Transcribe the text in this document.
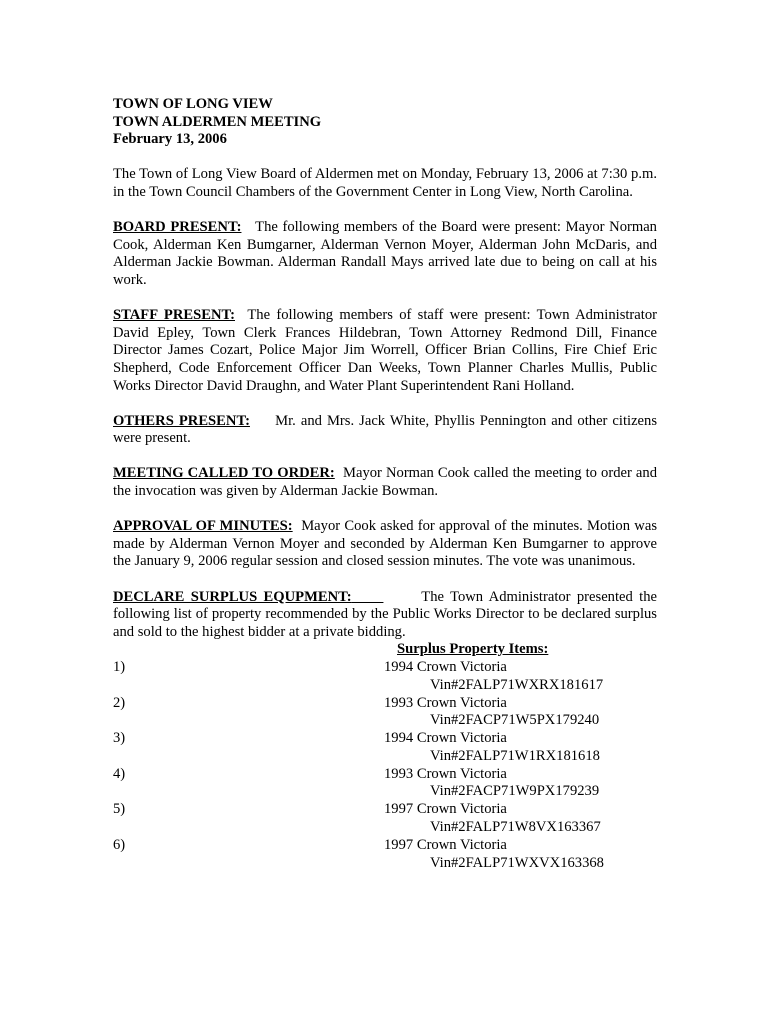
TOWN OF LONG VIEW

TOWN ALDERMEN MEETING

February 13, 2006

The Town of Long View Board of Aldermen met on Monday, February 13, 2006 at 7:30 p.m. in the Town Council Chambers of the Government Center in Long View, North Carolina.

BOARD PRESENT: The following members of the Board were present: Mayor Norman Cook, Alderman Ken Bumgarner, Alderman Vernon Moyer, Alderman John McDaris, and Alderman Jackie Bowman. Alderman Randall Mays arrived late due to being on call at his work.

STAFF PRESENT: The following members of staff were present: Town Administrator David Epley, Town Clerk Frances Hildebran, Town Attorney Redmond Dill, Finance Director James Cozart, Police Major Jim Worrell, Officer Brian Collins, Fire Chief Eric Shepherd, Code Enforcement Officer Dan Weeks, Town Planner Charles Mullis, Public Works Director David Draughn, and Water Plant Superintendent Rani Holland.

OTHERS PRESENT: Mr. and Mrs. Jack White, Phyllis Pennington and other citizens were present.

MEETING CALLED TO ORDER: Mayor Norman Cook called the meeting to order and the invocation was given by Alderman Jackie Bowman.

APPROVAL OF MINUTES: Mayor Cook asked for approval of the minutes. Motion was made by Alderman Vernon Moyer and seconded by Alderman Ken Bumgarner to approve the January 9, 2006 regular session and closed session minutes. The vote was unanimous.

DECLARE SURPLUS EQUPMENT:	The Town Administrator presented the following list of property recommended by the Public Works Director to be declared surplus and sold to the highest bidder at a private bidding.

Surplus Property Items:

1)	1994 Crown Victoria
Vin#2FALP71WXRX181617
2)	1993 Crown Victoria
Vin#2FACP71W5PX179240
3)	1994 Crown Victoria
Vin#2FALP71W1RX181618
4)	1993 Crown Victoria
Vin#2FACP71W9PX179239
5)	1997 Crown Victoria
Vin#2FALP71W8VX163367
6)	1997 Crown Victoria
Vin#2FALP71WXVX163368
